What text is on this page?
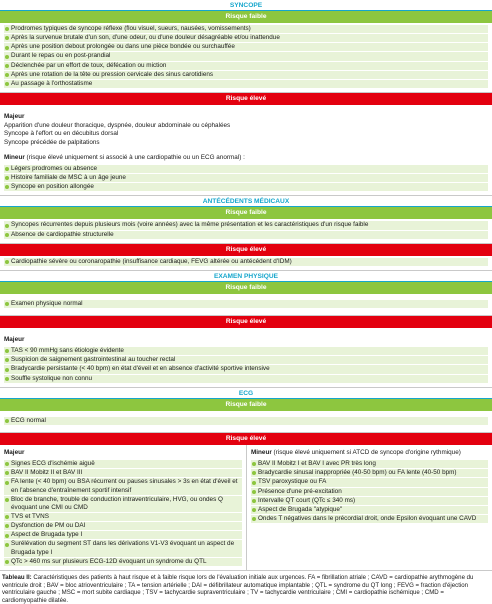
SYNCOPE
Risque faible
Prodromes typiques de syncope réflexe (flou visuel, sueurs, nausées, vomissements)
Après la survenue brutale d'un son, d'une odeur, ou d'une douleur désagréable et/ou inattendue
Après une position debout prolongée ou dans une pièce bondée ou surchauffée
Durant le repas ou en post-prandial
Déclenchée par un effort de toux, défécation ou miction
Après une rotation de la tête ou pression cervicale des sinus carotidiens
Au passage à l'orthostatisme
Risque élevé
Majeur
Apparition d'une douleur thoracique, dyspnée, douleur abdominale ou céphalées
Syncope à l'effort ou en décubitus dorsal
Syncope précédée de palpitations
Mineur (risque élevé uniquement si associé à une cardiopathie ou un ECG anormal) :
Légers prodromes ou absence
Histoire familiale de MSC à un âge jeune
Syncope en position allongée
ANTÉCÉDENTS MÉDICAUX
Risque faible
Syncopes récurrentes depuis plusieurs mois (voire années) avec la même présentation et les caractéristiques d'un risque faible
Absence de cardiopathie structurelle
Risque élevé
Cardiopathie sévère ou coronaropathie (insuffisance cardiaque, FEVG altérée ou antécédent d'IDM)
EXAMEN PHYSIQUE
Risque faible
Examen physique normal
Risque élevé
Majeur
TAS < 90 mmHg sans étiologie évidente
Suspicion de saignement gastrointestinal au toucher rectal
Bradycardie persistante (< 40 bpm) en état d'éveil et en absence d'activité sportive intensive
Souffle systolique non connu
ECG
Risque faible
ECG normal
Risque élevé
Majeur
Signes ECG d'ischémie aiguë
BAV II Mobitz II et BAV III
FA lente (< 40 bpm) ou BSA récurrent ou pauses sinusales > 3s en état d'éveil et en l'absence d'entraînement sportif intensif
Bloc de branche, trouble de conduction intraventriculaire, HVG, ou ondes Q évoquant une CMI ou CMD
TVS et TVNS
Dysfonction de PM ou DAI
Aspect de Brugada type I
Surélévation du segment ST dans les dérivations V1-V3 évoquant un aspect de Brugada type I
QTc > 460 ms sur plusieurs ECG-12D évoquant un syndrome du QTL
Mineur (risque élevé uniquement si ATCD de syncope d'origine rythmique)
BAV II Mobitz I et BAV I avec PR très long
Bradycardie sinusal inappropriée (40-50 bpm) ou FA lente (40-50 bpm)
TSV paroxystique ou FA
Présence d'une pré-excitation
Intervalle QT court (QTc ≤ 340 ms)
Aspect de Brugada "atypique"
Ondes T négatives dans le précordial droit, onde Epsilon évoquant une CAVD
Tableau II: Caractéristiques des patients à haut risque et à faible risque lors de l'évaluation initiale aux urgences. FA = fibrillation atriale ; CAVD = cardiopathie arythmogène du ventricule droit ; BAV = bloc atrioventriculaire ; TA = tension artérielle ; DAI = défibrillateur automatique implantable ; QTL = syndrome du QT long ; FEVG = fraction d'éjection ventriculaire gauche ; MSC = mort subite cardiaque ; TSV = tachycardie supraventriculaire ; TV = tachycardie ventriculaire ; CMI = cardiopathie ischémique ; CMD = cardiomyopathie dilatée.
